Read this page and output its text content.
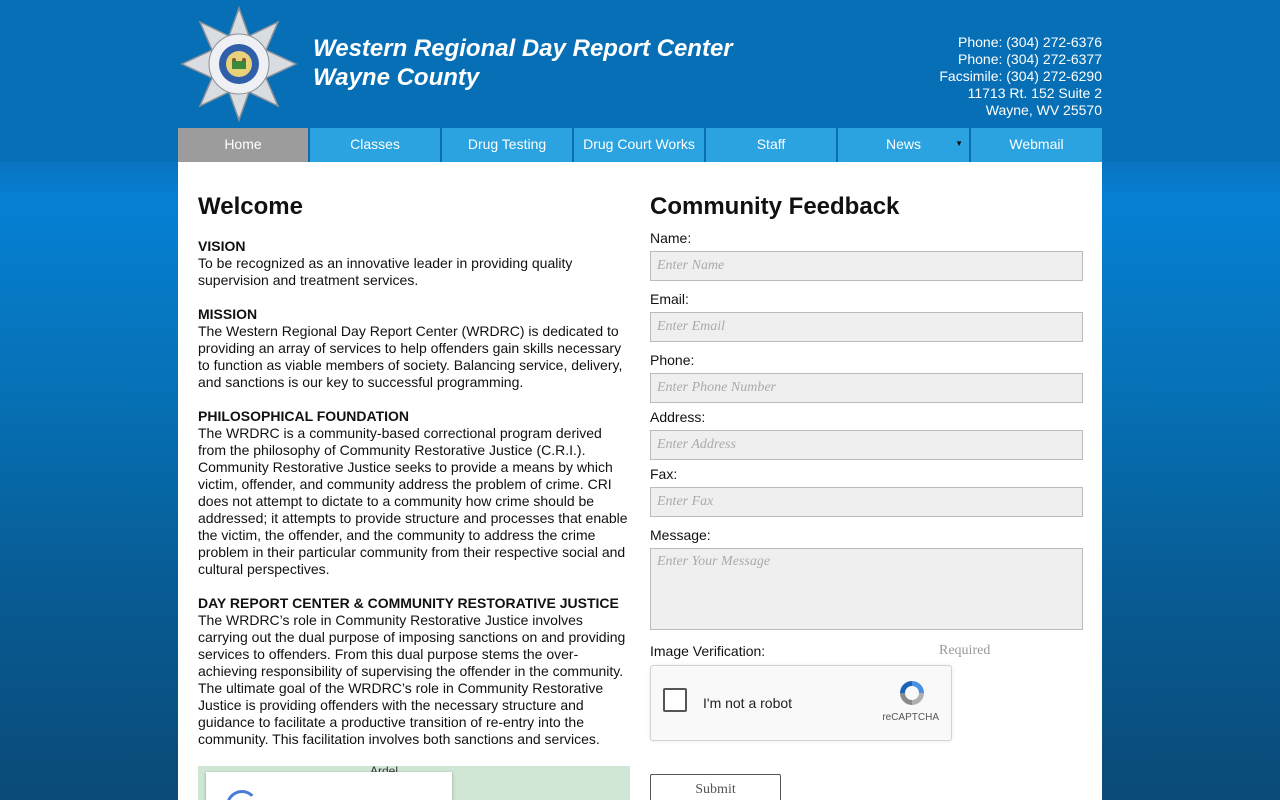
Western Regional Day Report Center
Wayne County
Phone: (304) 272-6376
Phone: (304) 272-6377
Facsimile: (304) 272-6290
11713 Rt. 152 Suite 2
Wayne, WV 25570
Home	Classes	Drug Testing	Drug Court Works	Staff	News	▼	Webmail
Welcome
VISION
To be recognized as an innovative leader in providing quality supervision and treatment services.
MISSION
The Western Regional Day Report Center (WRDRC) is dedicated to providing an array of services to help offenders gain skills necessary to function as viable members of society. Balancing service, delivery, and sanctions is our key to successful programming.
PHILOSOPHICAL FOUNDATION
The WRDRC is a community-based correctional program derived from the philosophy of Community Restorative Justice (C.R.I.). Community Restorative Justice seeks to provide a means by which victim, offender, and community address the problem of crime. CRI does not attempt to dictate to a community how crime should be addressed; it attempts to provide structure and processes that enable the victim, the offender, and the community to address the crime problem in their particular community from their respective social and cultural perspectives.
DAY REPORT CENTER & COMMUNITY RESTORATIVE JUSTICE
The WRDRC’s role in Community Restorative Justice involves carrying out the dual purpose of imposing sanctions on and providing services to offenders. From this dual purpose stems the over-achieving responsibility of supervising the offender in the community. The ultimate goal of the WRDRC’s role in Community Restorative Justice is providing offenders with the necessary structure and guidance to facilitate a productive transition of re-entry into the community. This facilitation involves both sanctions and services.
Community Feedback
Name:
Enter Name
Email:
Enter Email
Phone:
Enter Phone Number
Address:
Enter Address
Fax:
Enter Fax
Message:
Enter Your Message
Image Verification:	Required
I'm not a robot
reCAPTCHA
Submit
